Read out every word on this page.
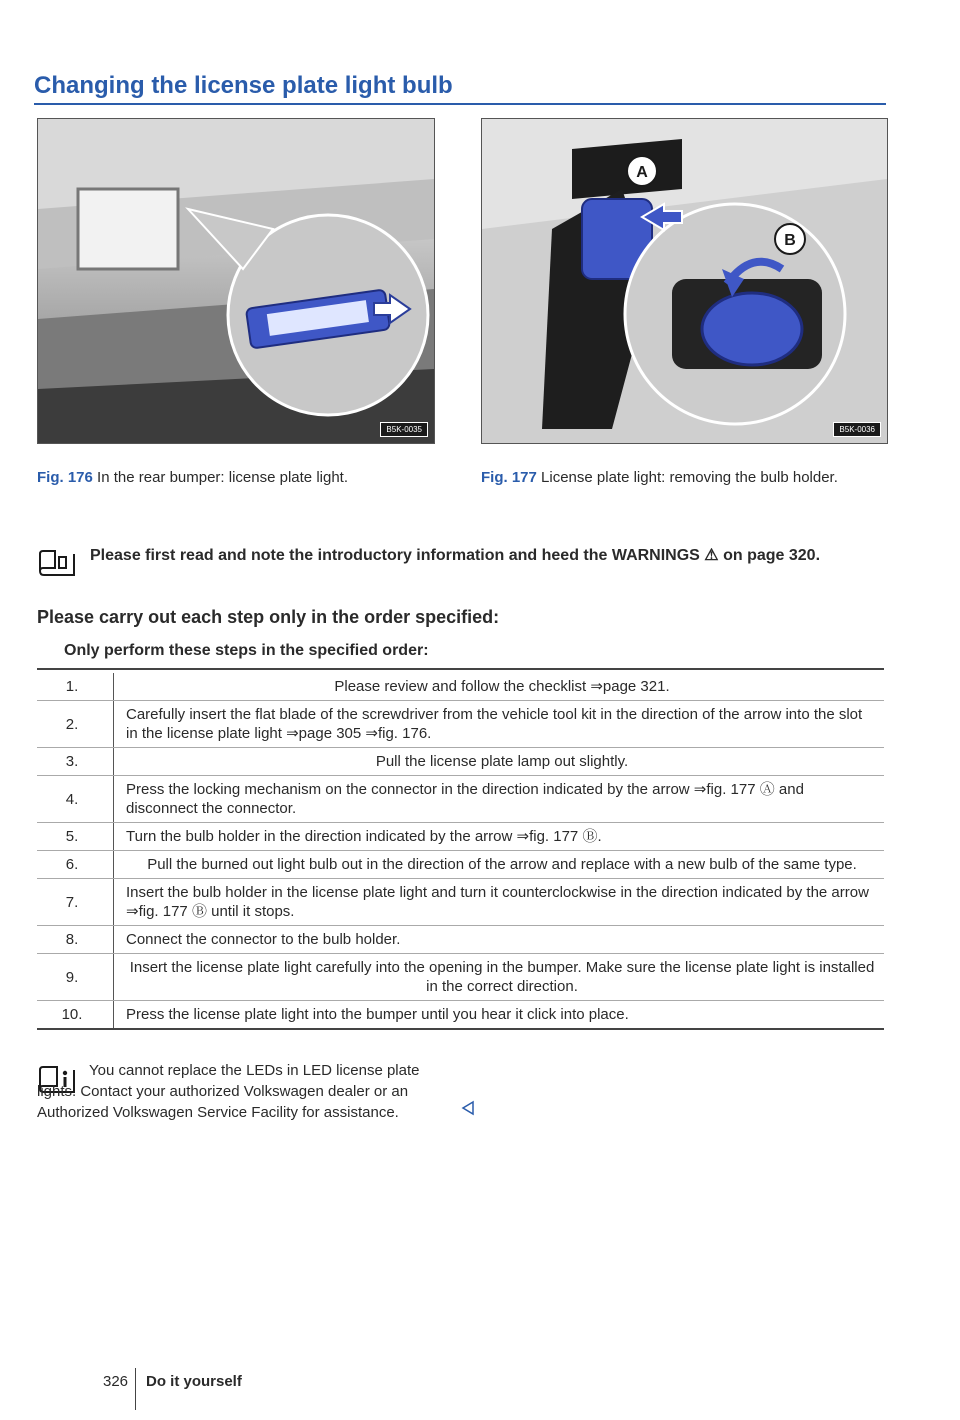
Changing the license plate light bulb
B5K-0035
A
B
B5K-0036

Fig. 176 In the rear bumper: license plate light.	Fig. 177 License plate light: removing the bulb holder.

Please first read and note the introductory information and heed the WARNINGS ⚠ on page 320.

Please carry out each step only in the order specified:
Only perform these steps in the specified order:
1.	Please review and follow the checklist ⇒page 321.
2.	Carefully insert the flat blade of the screwdriver from the vehicle tool kit in the direction of the arrow into the slot in the license plate light ⇒page 305 ⇒fig. 176.
3.	Pull the license plate lamp out slightly.
4.	Press the locking mechanism on the connector in the direction indicated by the arrow ⇒fig. 177 Ⓐ and disconnect the connector.
5.	Turn the bulb holder in the direction indicated by the arrow ⇒fig. 177 Ⓑ.
6.	Pull the burned out light bulb out in the direction of the arrow and replace with a new bulb of the same type.
7.	Insert the bulb holder in the license plate light and turn it counterclockwise in the direction indicated by the arrow ⇒fig. 177 Ⓑ until it stops.
8.	Connect the connector to the bulb holder.
9.	Insert the license plate light carefully into the opening in the bumper. Make sure the license plate light is installed in the correct direction.
10.	Press the license plate light into the bumper until you hear it click into place.

You cannot replace the LEDs in LED license plate lights. Contact your authorized Volkswagen dealer or an Authorized Volkswagen Service Facility for assistance.

326 Do it yourself
